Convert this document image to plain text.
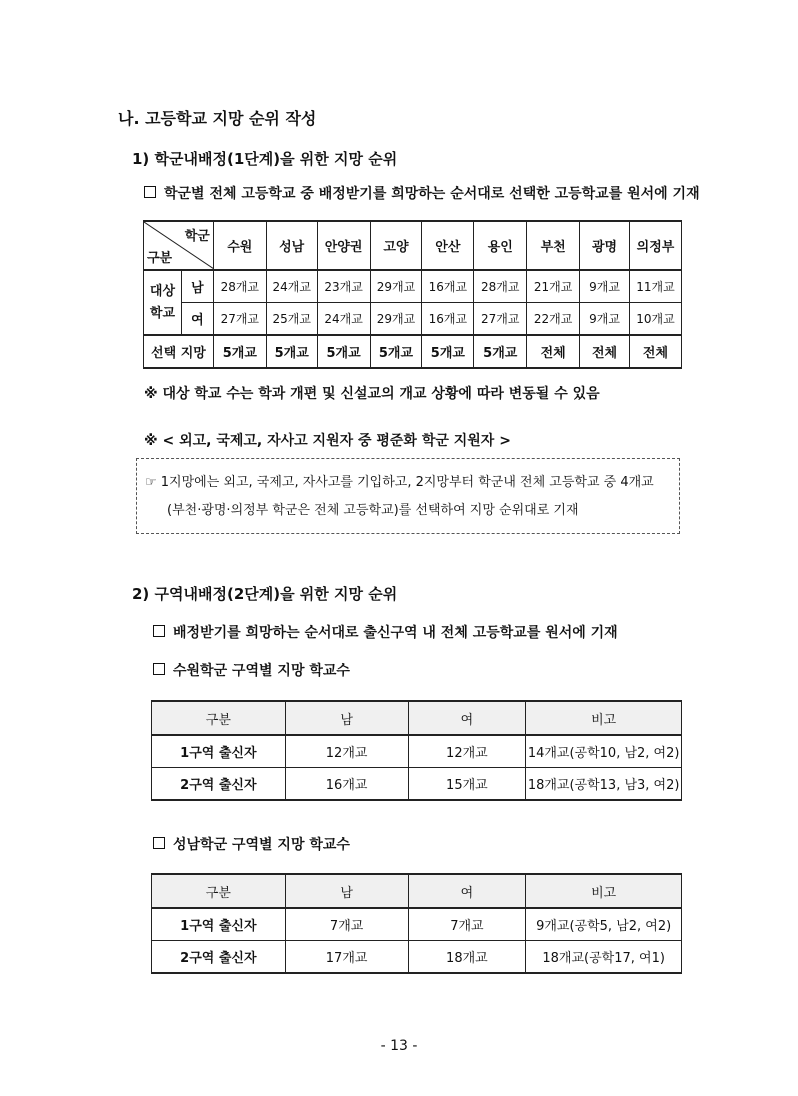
나. 고등학교 지망 순위 작성
1) 학군내배정(1단계)을 위한 지망 순위
학군별 전체 고등학교 중 배정받기를 희망하는 순서대로 선택한 고등학교를 원서에 기재
학군
구분		수원	성남	안양권	고양	안산	용인	부천	광명	의정부

대상
학교	남	28개교	24개교	23개교	29개교	16개교	28개교	21개교	9개교	11개교
	여	27개교	25개교	24개교	29개교	16개교	27개교	22개교	9개교	10개교
선택 지망		5개교	5개교	5개교	5개교	5개교	5개교	전체	전체	전체
※ 대상 학교 수는 학과 개편 및 신설교의 개교 상황에 따라 변동될 수 있음
※ < 외고, 국제고, 자사고 지원자 중 평준화 학군 지원자 >
☞ 1지망에는 외고, 국제고, 자사고를 기입하고, 2지망부터 학군내 전체 고등학교 중 4개교
(부천·광명·의정부 학군은 전체 고등학교)를 선택하여 지망 순위대로 기재
2) 구역내배정(2단계)을 위한 지망 순위
배정받기를 희망하는 순서대로 출신구역 내 전체 고등학교를 원서에 기재
수원학군 구역별 지망 학교수
구분	남	여	비고
1구역 출신자	12개교	12개교	14개교(공학10, 남2, 여2)
2구역 출신자	16개교	15개교	18개교(공학13, 남3, 여2)
성남학군 구역별 지망 학교수
구분	남	여	비고
1구역 출신자	7개교	7개교	9개교(공학5, 남2, 여2)
2구역 출신자	17개교	18개교	18개교(공학17, 여1)
- 13 -
